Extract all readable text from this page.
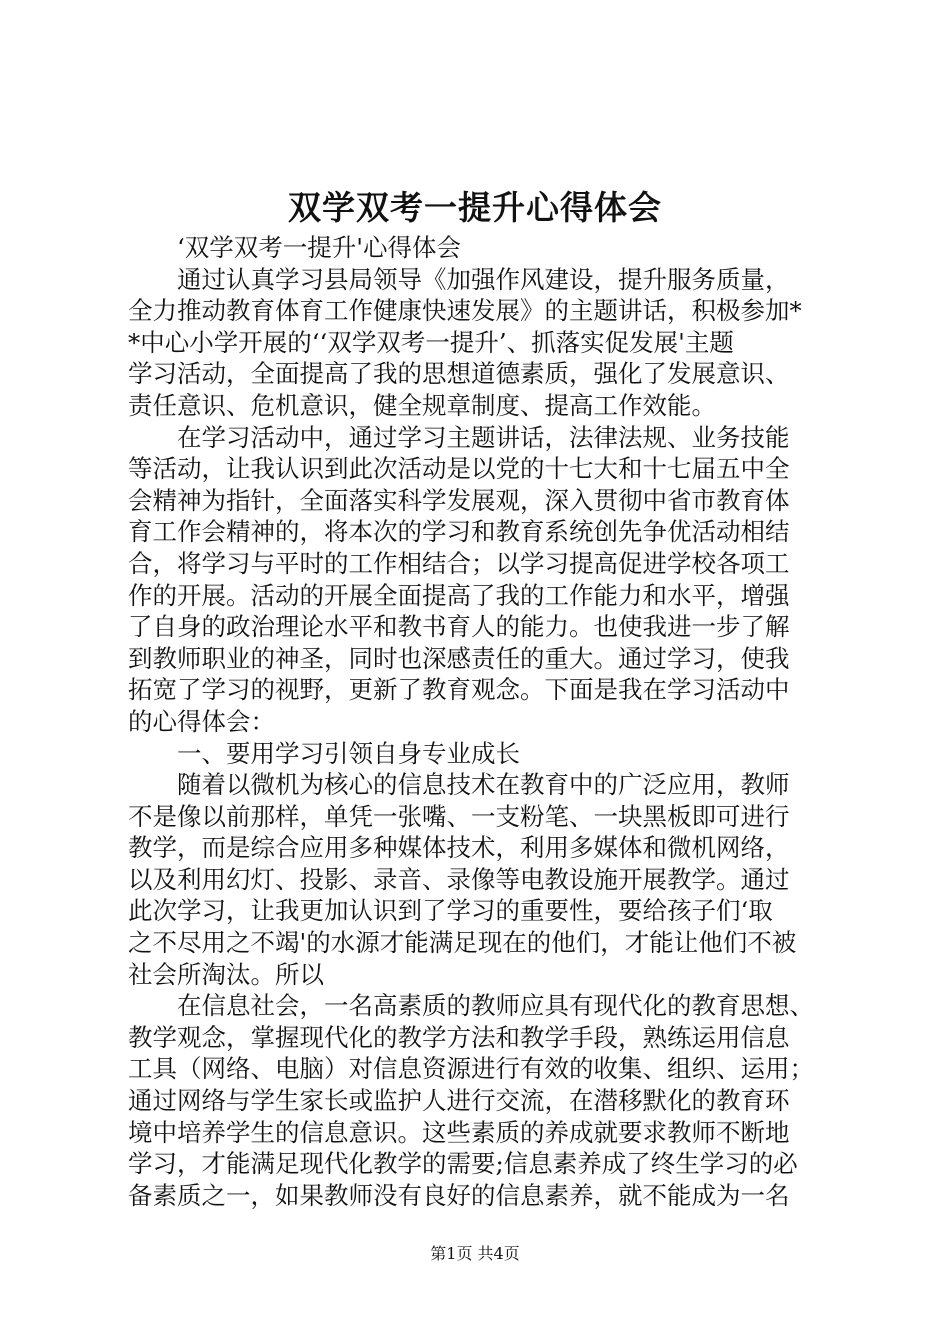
双学双考一提升心得体会
　　‘双学双考一提升'心得体会
　　通过认真学习县局领导《加强作风建设，提升服务质量，
全力推动教育体育工作健康快速发展》的主题讲话，积极参加*
*中心小学开展的‘‘双学双考一提升’、抓落实促发展'主题
学习活动，全面提高了我的思想道德素质，强化了发展意识、
责任意识、危机意识，健全规章制度、提高工作效能。
　　在学习活动中，通过学习主题讲话，法律法规、业务技能
等活动，让我认识到此次活动是以党的十七大和十七届五中全
会精神为指针，全面落实科学发展观，深入贯彻中省市教育体
育工作会精神的，将本次的学习和教育系统创先争优活动相结
合，将学习与平时的工作相结合；以学习提高促进学校各项工
作的开展。活动的开展全面提高了我的工作能力和水平，增强
了自身的政治理论水平和教书育人的能力。也使我进一步了解
到教师职业的神圣，同时也深感责任的重大。通过学习，使我
拓宽了学习的视野，更新了教育观念。下面是我在学习活动中
的心得体会：
　　一、要用学习引领自身专业成长
　　随着以微机为核心的信息技术在教育中的广泛应用，教师
不是像以前那样，单凭一张嘴、一支粉笔、一块黑板即可进行
教学，而是综合应用多种媒体技术，利用多媒体和微机网络，
以及利用幻灯、投影、录音、录像等电教设施开展教学。通过
此次学习，让我更加认识到了学习的重要性，要给孩子们‘取
之不尽用之不竭'的水源才能满足现在的他们，才能让他们不被
社会所淘汰。所以
　　在信息社会，一名高素质的教师应具有现代化的教育思想、
教学观念，掌握现代化的教学方法和教学手段，熟练运用信息
工具（网络、电脑）对信息资源进行有效的收集、组织、运用；
通过网络与学生家长或监护人进行交流，在潜移默化的教育环
境中培养学生的信息意识。这些素质的养成就要求教师不断地
学习，才能满足现代化教学的需要;信息素养成了终生学习的必
备素质之一，如果教师没有良好的信息素养，就不能成为一名
第1页 共4页
